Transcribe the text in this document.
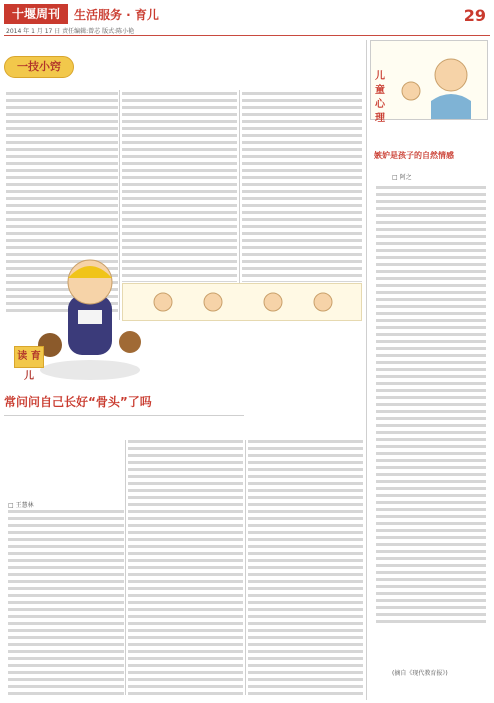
十堰周刊	生活服务 · 育儿
2014 年 1 月 17 日 责任编辑:曾芯 版式:陈小艳
29
一技小窍
读 育 儿
常问问自己长好“骨头”了吗
□ 王慧林
儿
童
心
理
嫉妒是孩子的自然情感
□ 阿之
(摘自《现代教育报》)
